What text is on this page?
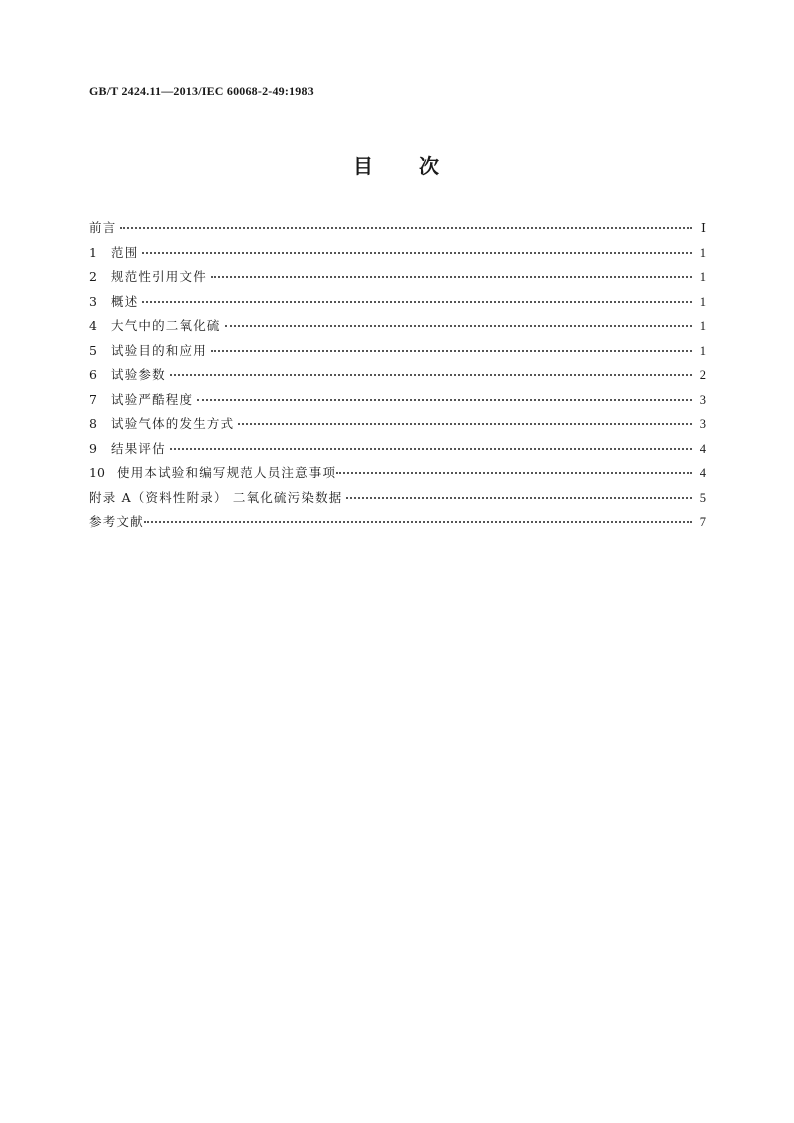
GB/T 2424.11—2013/IEC 60068-2-49:1983
目 次
前言	Ⅰ
1	范围	1
2	规范性引用文件	1
3	概述	1
4	大气中的二氧化硫	1
5	试验目的和应用	1
6	试验参数	2
7	试验严酷程度	3
8	试验气体的发生方式	3
9	结果评估	4
10 使用本试验和编写规范人员注意事项	4
附录 A（资料性附录） 二氧化硫污染数据	5
参考文献	7
